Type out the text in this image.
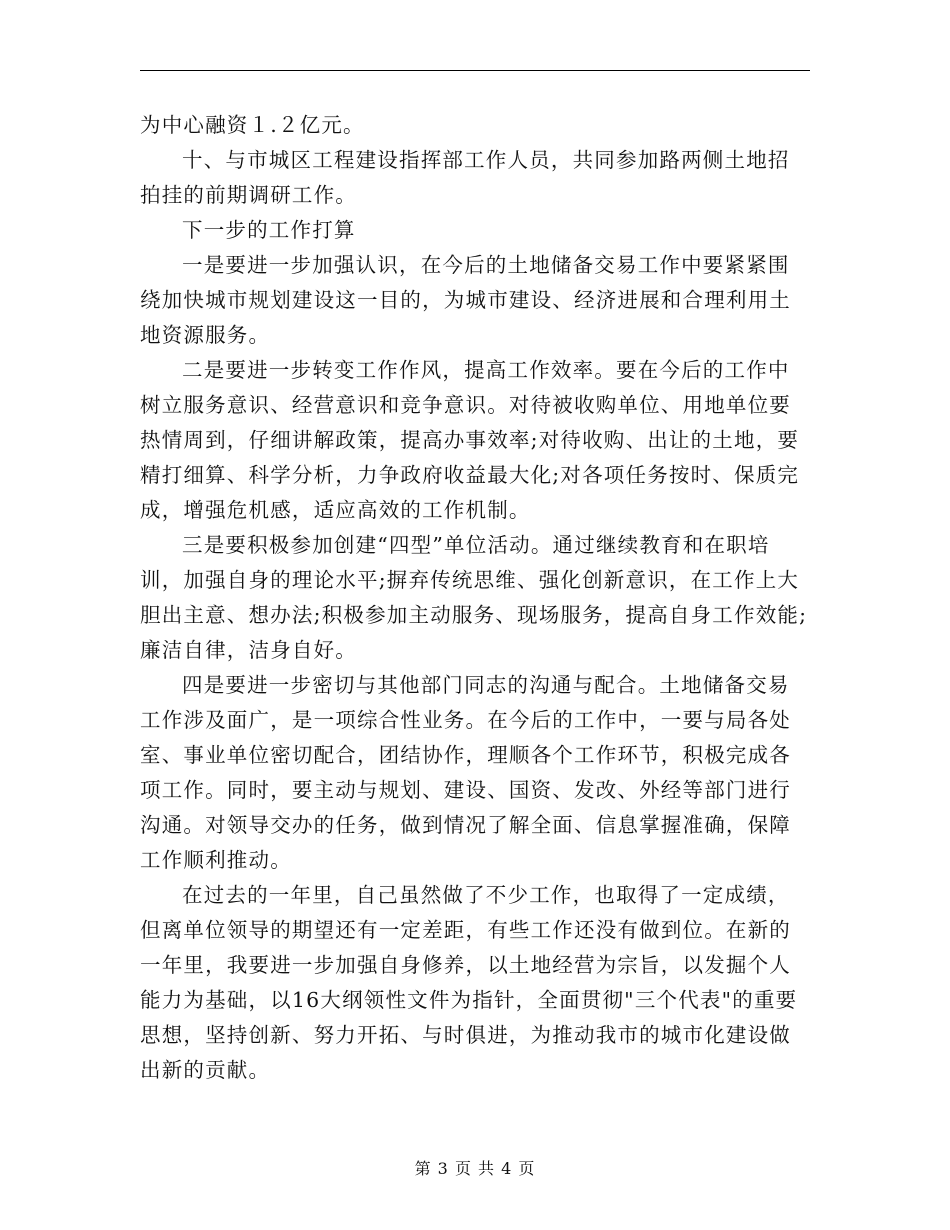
为中心融资１.２亿元。
十、与市城区工程建设指挥部工作人员，共同参加路两侧土地招
拍挂的前期调研工作。
下一步的工作打算
一是要进一步加强认识，在今后的土地储备交易工作中要紧紧围
绕加快城市规划建设这一目的，为城市建设、经济进展和合理利用土
地资源服务。
二是要进一步转变工作作风，提高工作效率。要在今后的工作中
树立服务意识、经营意识和竞争意识。对待被收购单位、用地单位要
热情周到，仔细讲解政策，提高办事效率;对待收购、出让的土地，要
精打细算、科学分析，力争政府收益最大化;对各项任务按时、保质完
成，增强危机感，适应高效的工作机制。
三是要积极参加创建“四型”单位活动。通过继续教育和在职培
训，加强自身的理论水平;摒弃传统思维、强化创新意识，在工作上大
胆出主意、想办法;积极参加主动服务、现场服务，提高自身工作效能;
廉洁自律，洁身自好。
四是要进一步密切与其他部门同志的沟通与配合。土地储备交易
工作涉及面广，是一项综合性业务。在今后的工作中，一要与局各处
室、事业单位密切配合，团结协作，理顺各个工作环节，积极完成各
项工作。同时，要主动与规划、建设、国资、发改、外经等部门进行
沟通。对领导交办的任务，做到情况了解全面、信息掌握准确，保障
工作顺利推动。
在过去的一年里，自己虽然做了不少工作，也取得了一定成绩，
但离单位领导的期望还有一定差距，有些工作还没有做到位。在新的
一年里，我要进一步加强自身修养，以土地经营为宗旨，以发掘个人
能力为基础，以16大纲领性文件为指针，全面贯彻"三个代表"的重要
思想，坚持创新、努力开拓、与时俱进，为推动我市的城市化建设做
出新的贡献。
第 3 页 共 4 页
